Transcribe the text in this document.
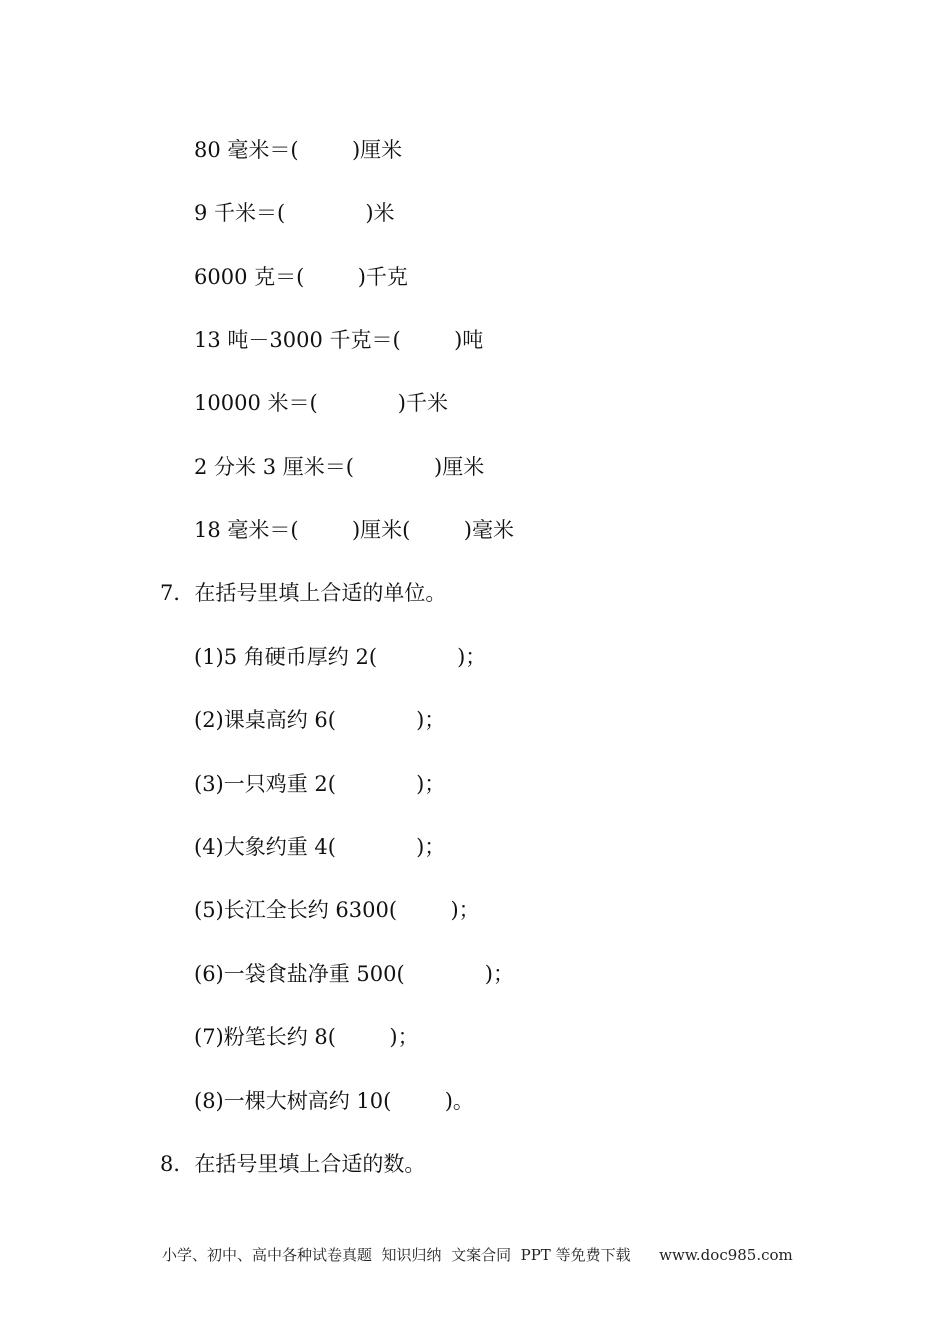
80 毫米＝(        )厘米
9 千米＝(            )米
6000 克＝(        )千克
13 吨－3000 千克＝(        )吨
10000 米＝(            )千米
2 分米 3 厘米＝(            )厘米
18 毫米＝(        )厘米(        )毫米
7．在括号里填上合适的单位。
(1)5 角硬币厚约 2(            )；
(2)课桌高约 6(            )；
(3)一只鸡重 2(            )；
(4)大象约重 4(            )；
(5)长江全长约 6300(        )；
(6)一袋食盐净重 500(            )；
(7)粉笔长约 8(        )；
(8)一棵大树高约 10(        )。
8．在括号里填上合适的数。
小学、初中、高中各种试卷真题  知识归纳  文案合同  PPT 等免费下载      www.doc985.com
